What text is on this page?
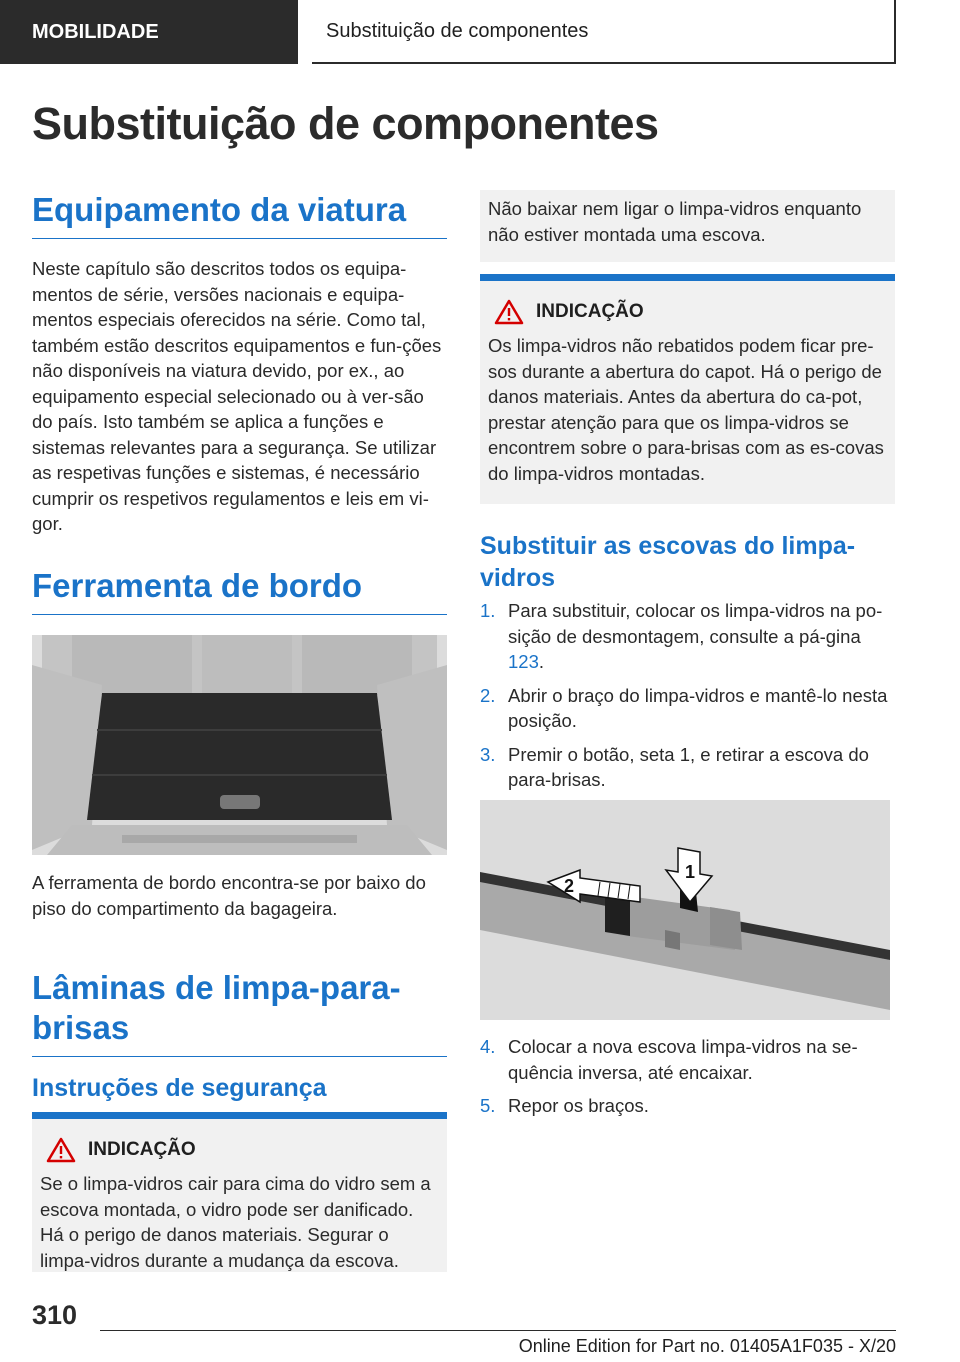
MOBILIDADE	Substituição de componentes
Substituição de componentes
Equipamento da viatura

Neste capítulo são descritos todos os equipa-mentos de série, versões nacionais e equipa-mentos especiais oferecidos na série. Como tal, também estão descritos equipamentos e fun-ções não disponíveis na viatura devido, por ex., ao equipamento especial selecionado ou à ver-são do país. Isto também se aplica a funções e sistemas relevantes para a segurança. Se utilizar as respetivas funções e sistemas, é necessário cumprir os respetivos regulamentos e leis em vi-gor.

Ferramenta de bordo

A ferramenta de bordo encontra-se por baixo do piso do compartimento da bagageira.

Lâminas de limpa-para-brisas
Instruções de segurança
INDICAÇÃO

Se o limpa-vidros cair para cima do vidro sem a escova montada, o vidro pode ser danificado. Há o perigo de danos materiais. Segurar o limpa-vidros durante a mudança da escova.

Não baixar nem ligar o limpa-vidros enquanto não estiver montada uma escova.
INDICAÇÃO

Os limpa-vidros não rebatidos podem ficar pre-sos durante a abertura do capot. Há o perigo de danos materiais. Antes da abertura do ca-pot, prestar atenção para que os limpa-vidros se encontrem sobre o para-brisas com as es-covas do limpa-vidros montadas.

Substituir as escovas do limpa-vidros
1. Para substituir, colocar os limpa-vidros na po-sição de desmontagem, consulte a pá-gina 123.
2. Abrir o braço do limpa-vidros e mantê-lo nesta posição.
3. Premir o botão, seta 1, e retirar a escova do para-brisas.
1
2
4. Colocar a nova escova limpa-vidros na se-quência inversa, até encaixar.
5. Repor os braços.
310
Online Edition for Part no. 01405A1F035 - X/20
